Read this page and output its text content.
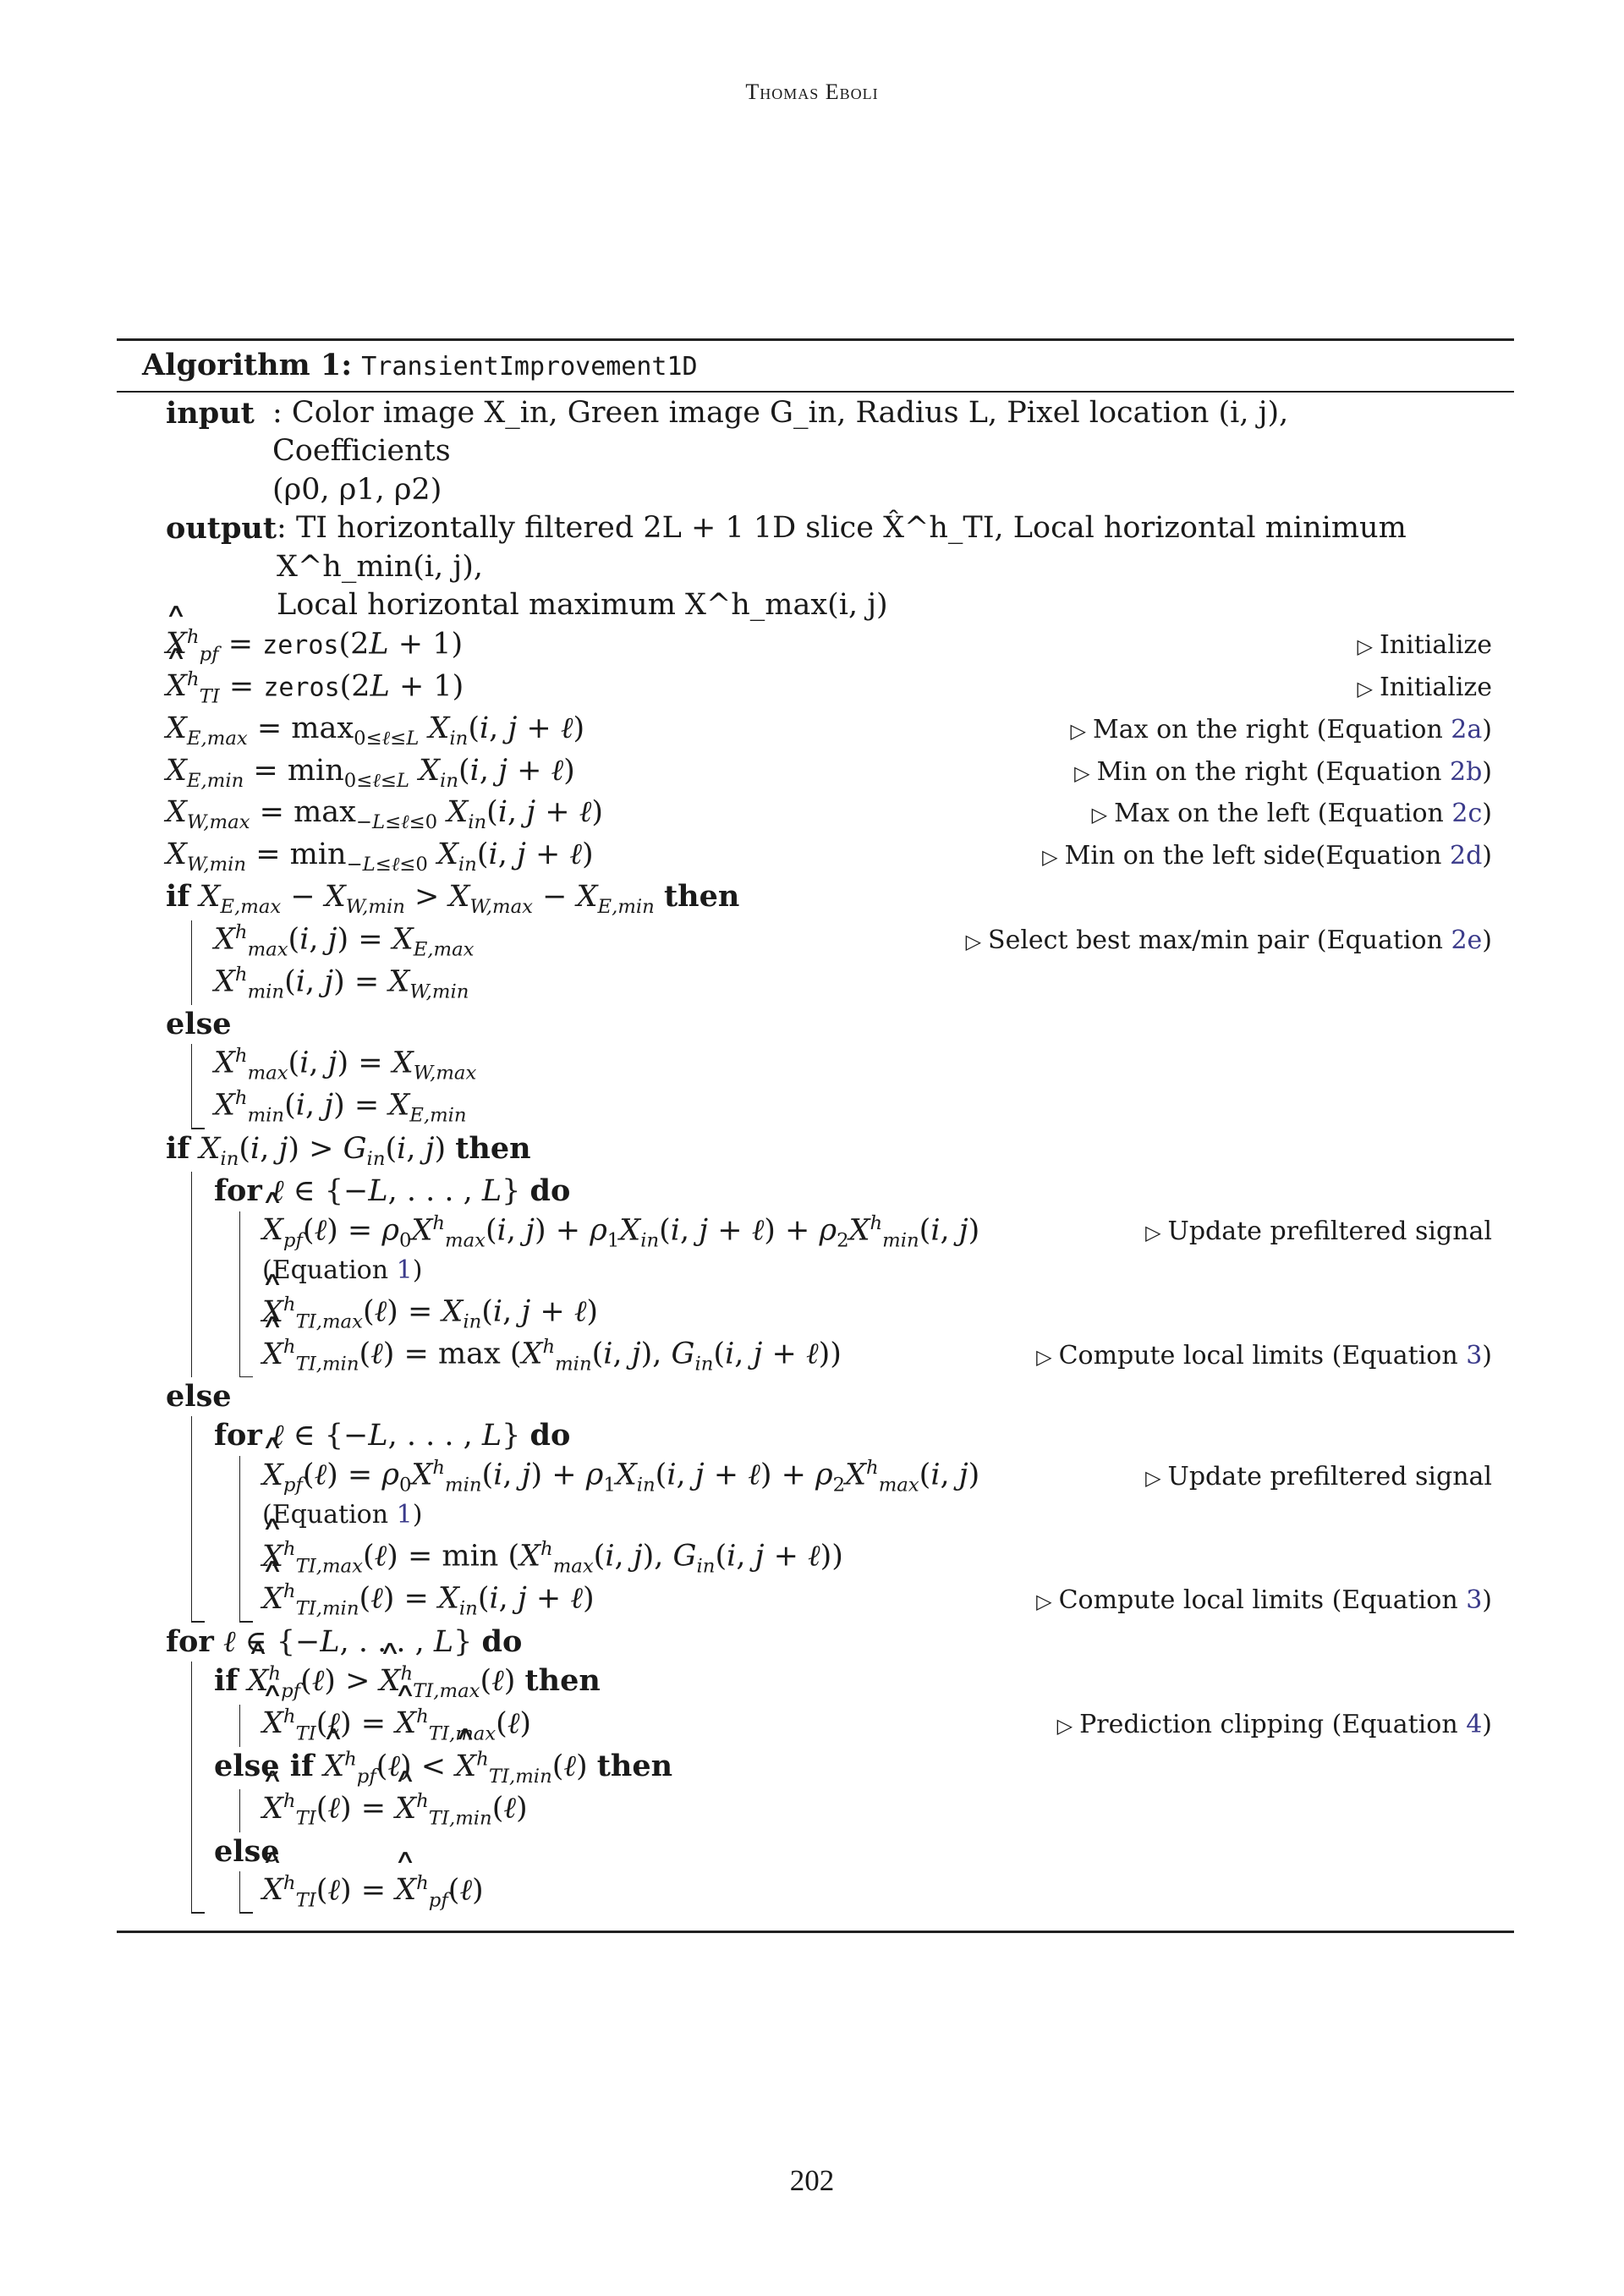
Thomas Eboli
Algorithm 1: TransientImprovement1D
input : Color image X_in, Green image G_in, Radius L, Pixel location (i, j), Coefficients
(ρ0, ρ1, ρ2)
output : TI horizontally filtered 2L + 1 1D slice X̂^h_TI, Local horizontal minimum X^h_min(i, j),
Local horizontal maximum X^h_max(i, j)
∧ $X^h_{pf}$ = zeros(2L + 1)	▷ Initialize
∧ $X^h_{TI}$ = zeros(2L + 1)	▷ Initialize
$X_{E,max} = \max_{0\le\ell\le L} X_{in}(i$, j + ℓ)	▷ Max on the right (Equation 2a)
$X_{E,min} = \min_{0\le\ell\le L} X_{in}(i$, j + ℓ)	▷ Min on the right (Equation 2b)
$X_{W,max} = \max_{-L\le\ell\le 0} X_{in}(i$, j + ℓ)	▷ Max on the left (Equation 2c)
$X_{W,min} = \min_{-L\le\ell\le 0} X_{in}(i$, j + ℓ)	▷ Min on the left side(Equation 2d)
if $X_{E,max} - X_{W,min} > X_{W,max} - X_{E,min}$ then
$X^h_{max}(i$, $j) = X_{E,max}$	▷ Select best max/min pair (Equation 2e)
$X^h_{min}(i$, $j) = X_{W,min}$
else
$X^h_{max}(i$, $j) = X_{W,max}$
$X^h_{min}(i$, $j) = X_{E,min}$
if $X_{in}(i$, $j) > G_{in}(i$, j) then
for ℓ ∈ {−L, . . . , L} do
∧ $X_{pf}(\ell) = \rho_0X^h_{max}(i$, $j) + \rho_1X_{in}(i$, j + ℓ) + $\rho_2X^h_{min}(i$, j)	▷ Update prefiltered signal
(Equation 1)
∧ $X^h_{TI,max}(\ell) = X_{in}(i$, j + ℓ)
∧ $X^h_{TI,min}(\ell) = \max (X^h_{min}(i$, j), $G_{in}(i$, j + ℓ))	▷ Compute local limits (Equation 3)
else
for ℓ ∈ {−L, . . . , L} do
∧ $X_{pf}(\ell) = \rho_0X^h_{min}(i$, $j) + \rho_1X_{in}(i$, j + ℓ) + $\rho_2X^h_{max}(i$, j)	▷ Update prefiltered signal
(Equation 1)
∧ $X^h_{TI,max}(\ell) = \min (X^h_{max}(i$, j), $G_{in}(i$, j + ℓ))
∧ $X^h_{TI,min}(\ell) = X_{in}(i$, j + ℓ)	▷ Compute local limits (Equation 3)
for ℓ ∈ {−L, . . . , L} do
if ∧ $X^h_{pf}(\ell)$ > ∧ $X^h_{TI,max}(\ell)$ then
∧ $X^h_{TI}(\ell)$ = ∧ $X^h_{TI,max}(\ell)$	▷ Prediction clipping (Equation 4)
else if ∧ $X^h_{pf}(\ell)$ < ∧ $X^h_{TI,min}(\ell)$ then
∧ $X^h_{TI}(\ell)$ = ∧ $X^h_{TI,min}(\ell)$
else
∧ $X^h_{TI}(\ell)$ = ∧ $X^h_{pf}(\ell)$
202
